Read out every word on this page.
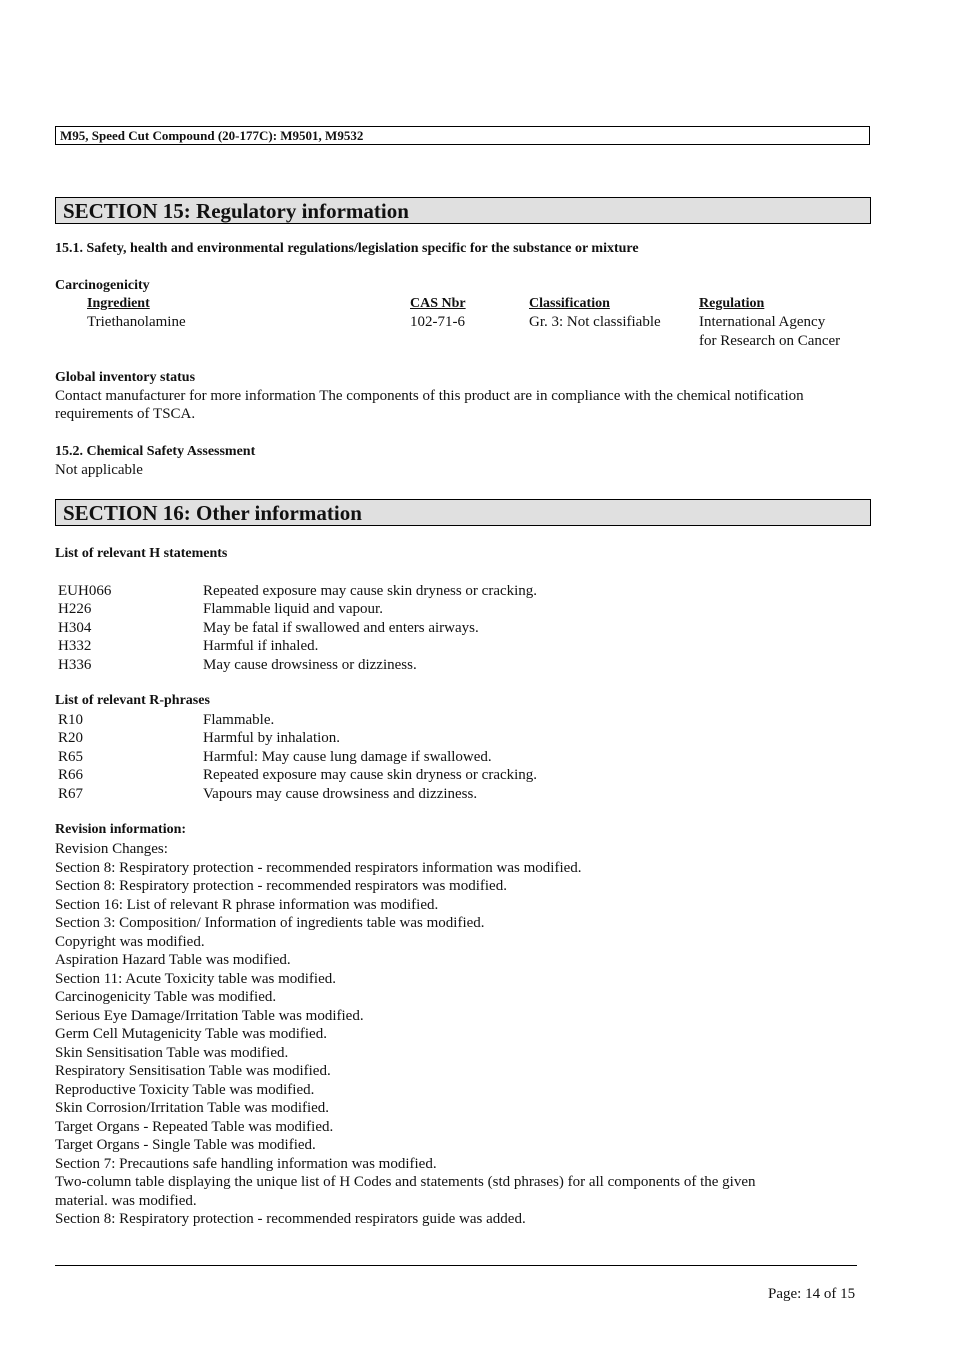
M95, Speed Cut Compound (20-177C): M9501, M9532
SECTION 15: Regulatory information
15.1. Safety, health and environmental regulations/legislation specific for the substance or mixture
Carcinogenicity
Ingredient	CAS Nbr	Classification	Regulation
Triethanolamine	102-71-6	Gr. 3: Not classifiable	International Agency
for Research on Cancer
Global inventory status
Contact manufacturer for more information The components of this product are in compliance with the chemical notification
requirements of TSCA.
15.2. Chemical Safety Assessment
Not applicable
SECTION 16: Other information
List of relevant H statements
EUH066	Repeated exposure may cause skin dryness or cracking.
H226	Flammable liquid and vapour.
H304	May be fatal if swallowed and enters airways.
H332	Harmful if inhaled.
H336	May cause drowsiness or dizziness.
List of relevant R-phrases
R10	Flammable.
R20	Harmful by inhalation.
R65	Harmful: May cause lung damage if swallowed.
R66	Repeated exposure may cause skin dryness or cracking.
R67	Vapours may cause drowsiness and dizziness.
Revision information:
Revision Changes:
Section 8: Respiratory protection - recommended respirators information was modified.
Section 8: Respiratory protection - recommended respirators was modified.
Section 16: List of relevant R phrase information was modified.
Section 3: Composition/ Information of ingredients table was modified.
Copyright was modified.
Aspiration Hazard Table was modified.
Section 11: Acute Toxicity table was modified.
Carcinogenicity Table was modified.
Serious Eye Damage/Irritation Table was modified.
Germ Cell Mutagenicity Table was modified.
Skin Sensitisation Table was modified.
Respiratory Sensitisation Table was modified.
Reproductive Toxicity Table was modified.
Skin Corrosion/Irritation Table was modified.
Target Organs - Repeated Table was modified.
Target Organs - Single Table was modified.
Section 7: Precautions safe handling information was modified.
Two-column table displaying the unique list of H Codes and statements (std phrases) for all components of the given
material. was modified.
Section 8: Respiratory protection - recommended respirators guide was added.
Page: 14 of 15
